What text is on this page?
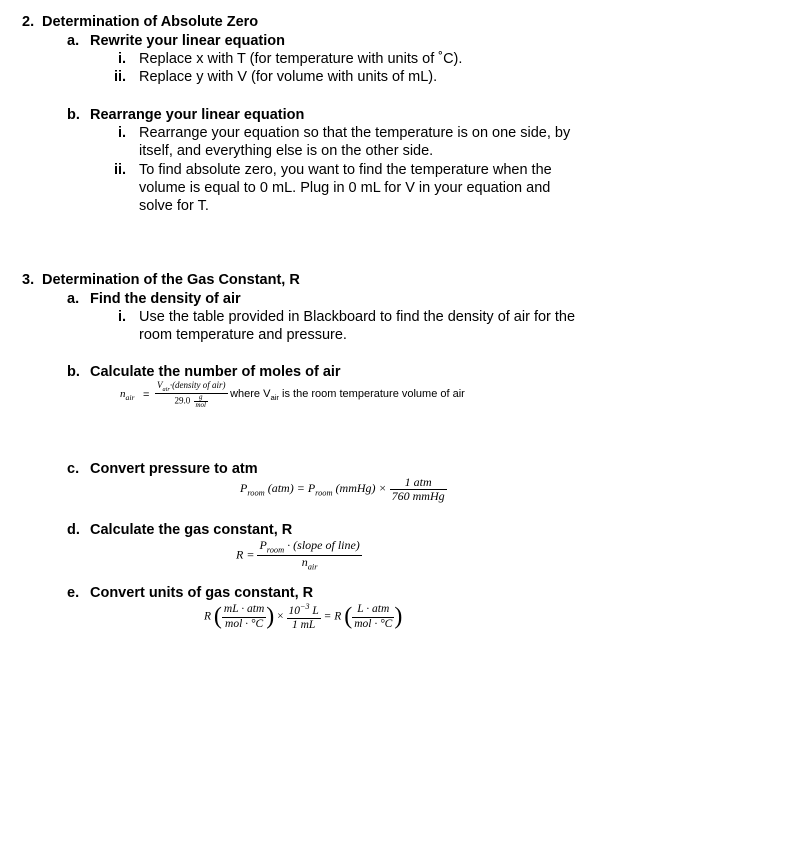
2. Determination of Absolute Zero
a. Rewrite your linear equation
i. Replace x with T (for temperature with units of ˚C).
ii. Replace y with V (for volume with units of mL).
b. Rearrange your linear equation
i. Rearrange your equation so that the temperature is on one side, by
itself, and everything else is on the other side.
ii. To find absolute zero, you want to find the temperature when the
volume is equal to 0 mL. Plug in 0 mL for V in your equation and
solve for T.
3. Determination of the Gas Constant, R
a. Find the density of air
i. Use the table provided in Blackboard to find the density of air for the
room temperature and pressure.
b. Calculate the number of moles of air
$n_{air} = \frac{V_{air}\cdot(density of air)}{29.0 \frac{g}{\text{mol}}}$ where $V_{air}$ is the room temperature volume of air
c. Convert pressure to atm
$P_{room}$ $(atm) = P_{room}$ (mmHg) × $\frac{\text{1 atm}}{\text{760 mmHg}}$
d. Calculate the gas constant, R
$R = \frac{P_{room} \cdot (slope of line)}{n_{air}}$
e. Convert units of gas constant, R
R ( $\frac{\text{mL · atm}}{\text{mol · °C}}$ ) × $\frac{10^{-3} L}{1 mL} = R$ ( $\frac{\text{L · atm}}{\text{mol · °C}}$ )
